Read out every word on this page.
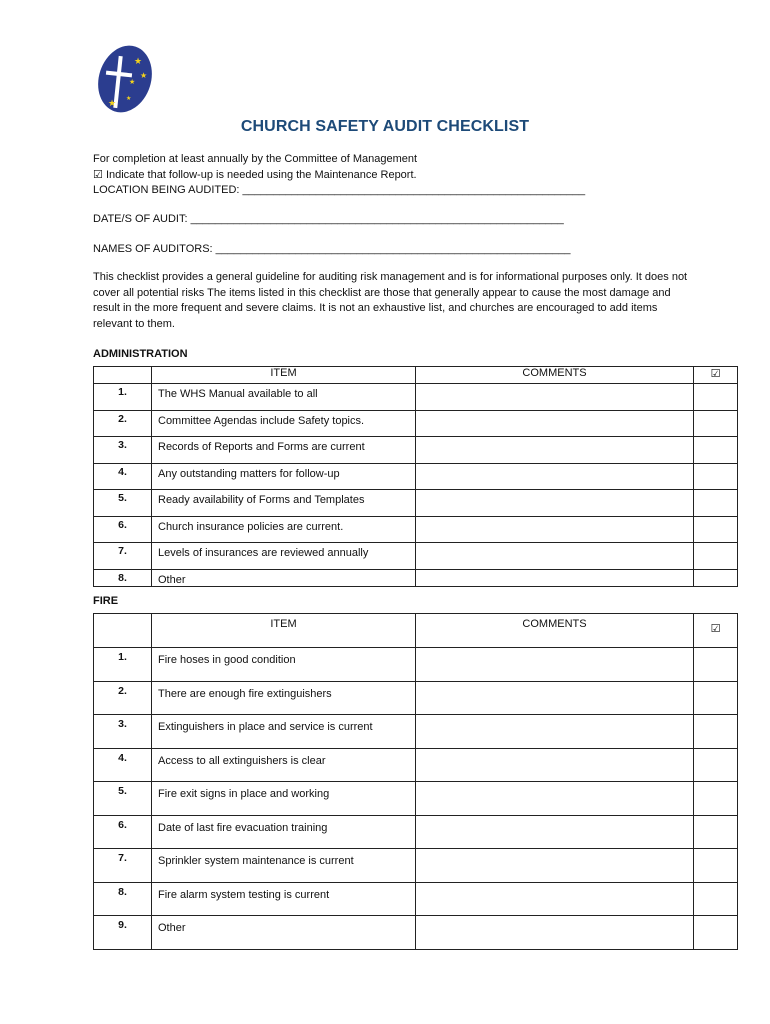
★
★
★
★
★
CHURCH SAFETY AUDIT CHECKLIST
For completion at least annually by the Committee of Management
☑ Indicate that follow-up is needed using the Maintenance Report.
LOCATION BEING AUDITED: ________________________________________________________
DATE/S OF AUDIT: _____________________________________________________________
NAMES OF AUDITORS: __________________________________________________________
This checklist provides a general guideline for auditing risk management and is for informational purposes only. It does not cover all potential risks The items listed in this checklist are those that generally appear to cause the most damage and result in the more frequent and severe claims. It is not an exhaustive list, and churches are encouraged to add items relevant to them.
ADMINISTRATION
	ITEM	COMMENTS	☑
1.	The WHS Manual available to all		
2.	Committee Agendas include Safety topics.		
3.	Records of Reports and Forms are current		
4.	Any outstanding matters for follow-up		
5.	Ready availability of Forms and Templates		
6.	Church insurance policies are current.		
7.	Levels of insurances are reviewed annually		
8.	Other		
FIRE
	ITEM	COMMENTS	☑
1.	Fire hoses in good condition		
2.	There are enough fire extinguishers		
3.	Extinguishers in place and service is current		
4.	Access to all extinguishers is clear		
5.	Fire exit signs in place and working		
6.	Date of last fire evacuation training		
7.	Sprinkler system maintenance is current		
8.	Fire alarm system testing is current		
9.	Other		
